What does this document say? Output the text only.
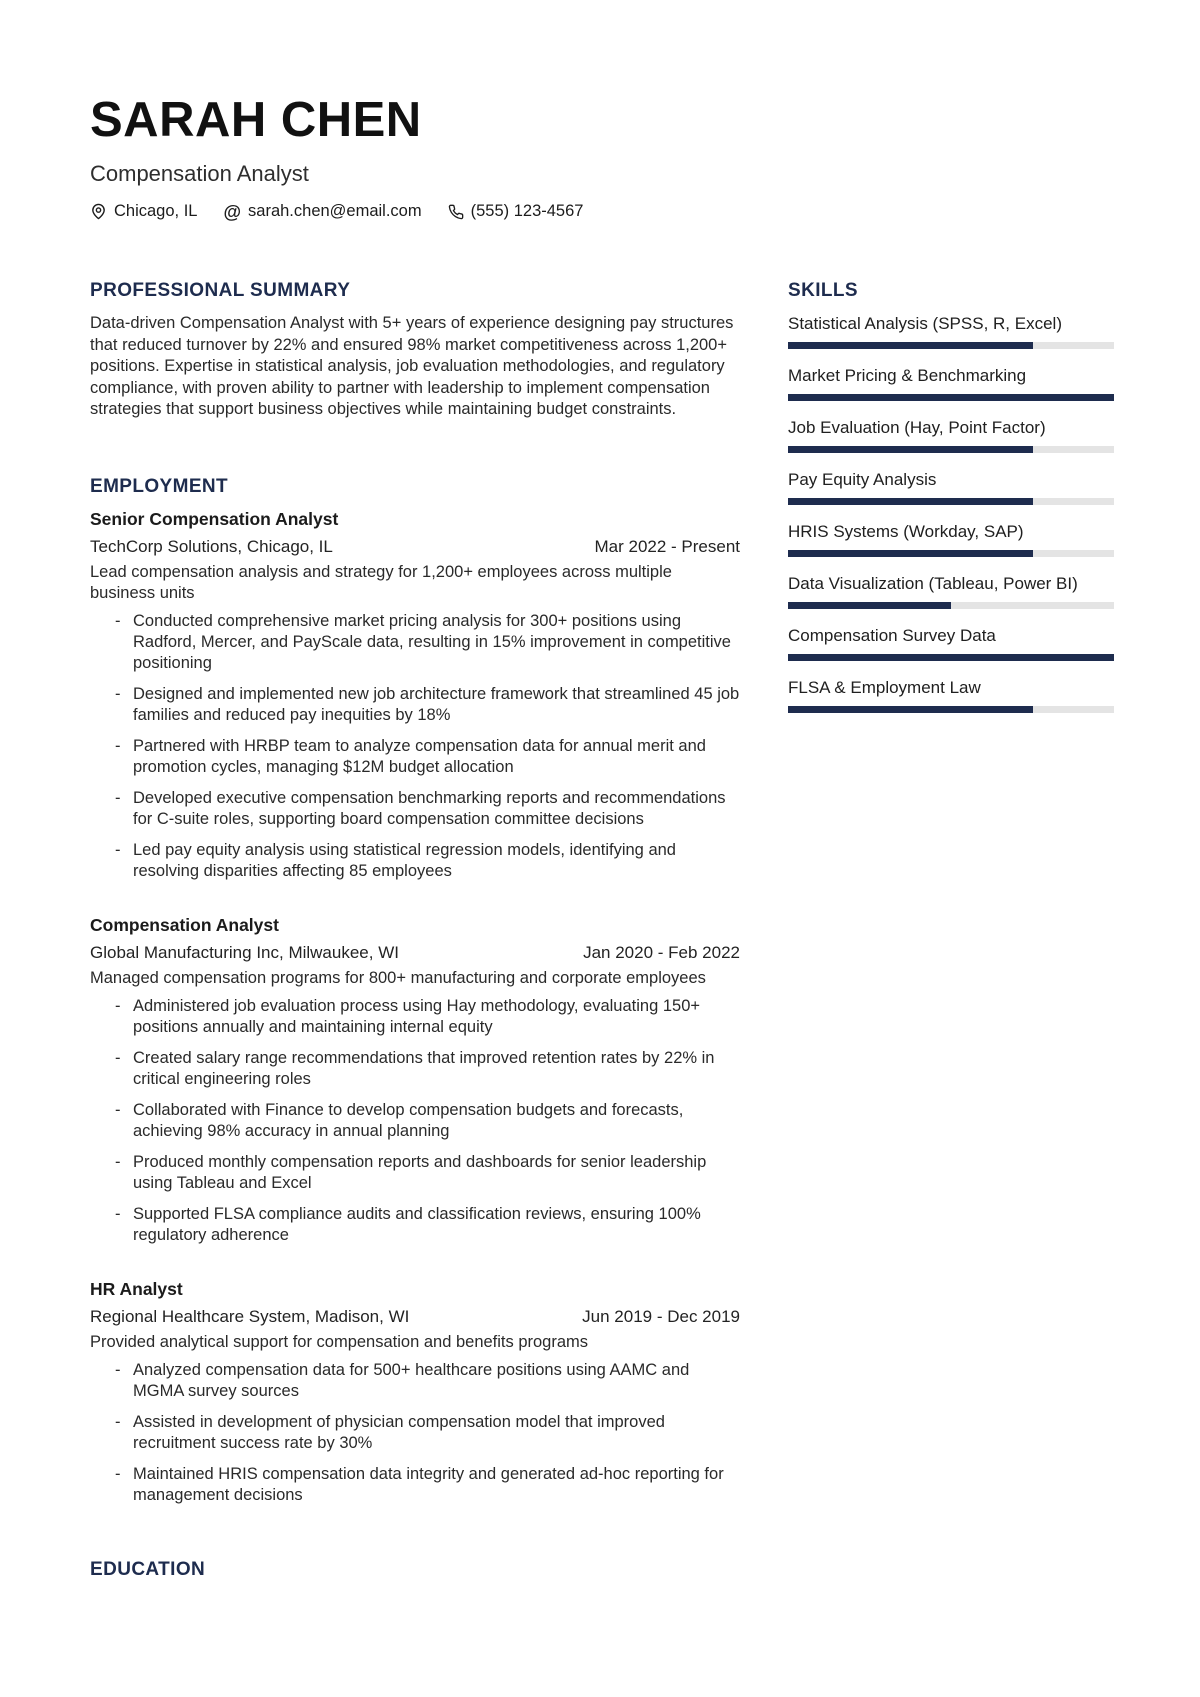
SARAH CHEN
Compensation Analyst
Chicago, IL @ sarah.chen@email.com	(555) 123-4567
PROFESSIONAL SUMMARY

Data-driven Compensation Analyst with 5+ years of experience designing pay structures that reduced turnover by 22% and ensured 98% market competitiveness across 1,200+ positions. Expertise in statistical analysis, job evaluation methodologies, and regulatory compliance, with proven ability to partner with leadership to implement compensation strategies that support business objectives while maintaining budget constraints.

EMPLOYMENT
Senior Compensation Analyst
TechCorp Solutions, Chicago, IL	Mar 2022 - Present
Lead compensation analysis and strategy for 1,200+ employees across multiple business units
- Conducted comprehensive market pricing analysis for 300+ positions using Radford, Mercer, and PayScale data, resulting in 15% improvement in competitive positioning
- Designed and implemented new job architecture framework that streamlined 45 job families and reduced pay inequities by 18%
- Partnered with HRBP team to analyze compensation data for annual merit and promotion cycles, managing $12M budget allocation
- Developed executive compensation benchmarking reports and recommendations for C-suite roles, supporting board compensation committee decisions
- Led pay equity analysis using statistical regression models, identifying and resolving disparities affecting 85 employees
Compensation Analyst
Global Manufacturing Inc, Milwaukee, WI	Jan 2020 - Feb 2022
Managed compensation programs for 800+ manufacturing and corporate employees
- Administered job evaluation process using Hay methodology, evaluating 150+ positions annually and maintaining internal equity
- Created salary range recommendations that improved retention rates by 22% in critical engineering roles
- Collaborated with Finance to develop compensation budgets and forecasts, achieving 98% accuracy in annual planning
- Produced monthly compensation reports and dashboards for senior leadership using Tableau and Excel
- Supported FLSA compliance audits and classification reviews, ensuring 100% regulatory adherence
HR Analyst
Regional Healthcare System, Madison, WI	Jun 2019 - Dec 2019
Provided analytical support for compensation and benefits programs
- Analyzed compensation data for 500+ healthcare positions using AAMC and MGMA survey sources
- Assisted in development of physician compensation model that improved recruitment success rate by 30%
- Maintained HRIS compensation data integrity and generated ad-hoc reporting for management decisions
EDUCATION
SKILLS
Statistical Analysis (SPSS, R, Excel)
Market Pricing & Benchmarking
Job Evaluation (Hay, Point Factor)
Pay Equity Analysis
HRIS Systems (Workday, SAP)
Data Visualization (Tableau, Power BI)
Compensation Survey Data
FLSA & Employment Law
